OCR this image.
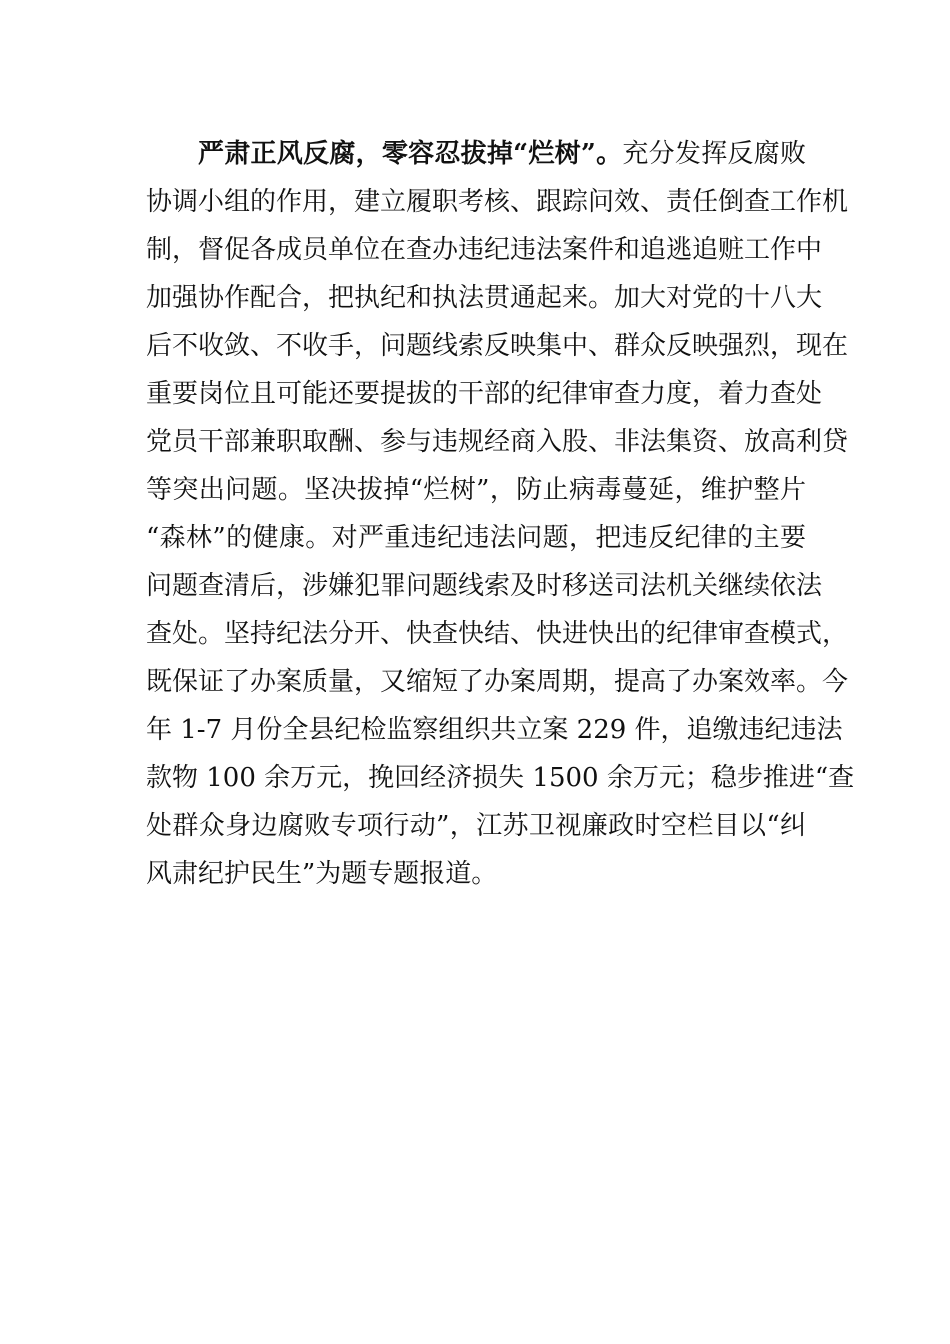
严肃正风反腐，零容忍拔掉“烂树”。充分发挥反腐败
协调小组的作用，建立履职考核、跟踪问效、责任倒查工作机
制，督促各成员单位在查办违纪违法案件和追逃追赃工作中
加强协作配合，把执纪和执法贯通起来。加大对党的十八大
后不收敛、不收手，问题线索反映集中、群众反映强烈，现在
重要岗位且可能还要提拔的干部的纪律审查力度，着力查处
党员干部兼职取酬、参与违规经商入股、非法集资、放高利贷
等突出问题。坚决拔掉“烂树”，防止病毒蔓延，维护整片
“森林”的健康。对严重违纪违法问题，把违反纪律的主要
问题查清后，涉嫌犯罪问题线索及时移送司法机关继续依法
查处。坚持纪法分开、快查快结、快进快出的纪律审查模式，
既保证了办案质量，又缩短了办案周期，提高了办案效率。今
年 1-7 月份全县纪检监察组织共立案 229 件，追缴违纪违法
款物 100 余万元，挽回经济损失 1500 余万元；稳步推进“查
处群众身边腐败专项行动”，江苏卫视廉政时空栏目以“纠
风肃纪护民生”为题专题报道。
